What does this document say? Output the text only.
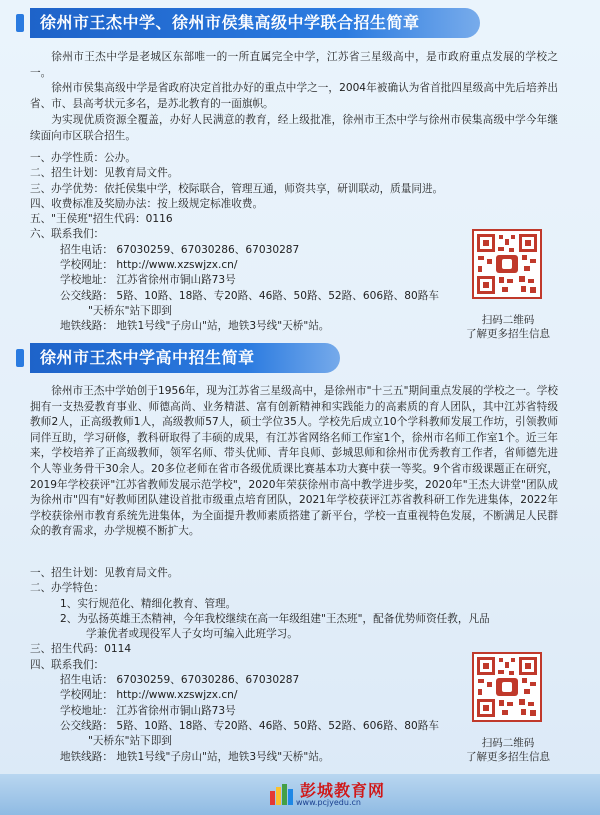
徐州市王杰中学、徐州市侯集高级中学联合招生简章
徐州市王杰中学是老城区东部唯一的一所直属完全中学，江苏省三星级高中，是市政府重点发展的学校之一。
徐州市侯集高级中学是省政府决定首批办好的重点中学之一，2004年被确认为省首批四星级高中先后培养出省、市、县高考状元多名，是苏北教育的一面旗帜。
为实现优质资源全覆盖，办好人民满意的教育，经上级批准，徐州市王杰中学与徐州市侯集高级中学今年继续面向市区联合招生。
一、办学性质：公办。
二、招生计划：见教育局文件。
三、办学优势：依托侯集中学，校际联合，管理互通，师资共享，研训联动，质量同进。
四、收费标准及奖励办法：按上级规定标准收费。
五、"王侯班"招生代码：0116
六、联系我们：
招生电话： 67030259、67030286、67030287
学校网址： http://www.xzswjzx.cn/
学校地址： 江苏省徐州市铜山路73号
公交线路： 5路、10路、18路、专20路、46路、50路、52路、606路、80路车
"天桥东"站下即到
地铁线路： 地铁1号线"子房山"站，地铁3号线"天桥"站。
扫码二维码
了解更多招生信息
徐州市王杰中学高中招生简章
徐州市王杰中学始创于1956年，现为江苏省三星级高中，是徐州市"十三五"期间重点发展的学校之一。学校拥有一支热爱教育事业、师德高尚、业务精湛、富有创新精神和实践能力的高素质的育人团队，其中江苏省特级教师2人，正高级教师1人，高级教师57人，硕士学位35人。学校先后成立10个学科教师发展工作坊，引领教师同伴互助，学习研修，教科研取得了丰硕的成果，有江苏省网络名师工作室1个，徐州市名师工作室1个。近三年来，学校培养了正高级教师，领军名师、带头优师、青年良师、彭城思师和徐州市优秀教育工作者，省师德先进个人等业务骨干30余人。20多位老师在省市各级优质课比赛基本功大赛中获一等奖。9个省市级课题正在研究，2019年学校获评"江苏省教师发展示范学校"，2020年荣获徐州市高中教学进步奖，2020年"王杰大讲堂"团队成为徐州市"四有"好教师团队建设首批市级重点培育团队，2021年学校获评江苏省教科研工作先进集体，2022年学校获徐州市教育系统先进集体，为全面提升教师素质搭建了新平台，学校一直重视特色发展，不断满足人民群众的教育需求，办学规模不断扩大。
一、招生计划：见教育局文件。
二、办学特色：
1、实行规范化、精细化教育、管理。
2、为弘扬英雄王杰精神，今年我校继续在高一年级组建"王杰班"，配备优势师资任教，凡品
学兼优者或现役军人子女均可编入此班学习。
三、招生代码：0114
四、联系我们：
招生电话： 67030259、67030286、67030287
学校网址： http://www.xzswjzx.cn/
学校地址： 江苏省徐州市铜山路73号
公交线路： 5路、10路、18路、专20路、46路、50路、52路、606路、80路车
"天桥东"站下即到
地铁线路： 地铁1号线"子房山"站，地铁3号线"天桥"站。
扫码二维码
了解更多招生信息
彭城教育网
www.pcjyedu.cn
